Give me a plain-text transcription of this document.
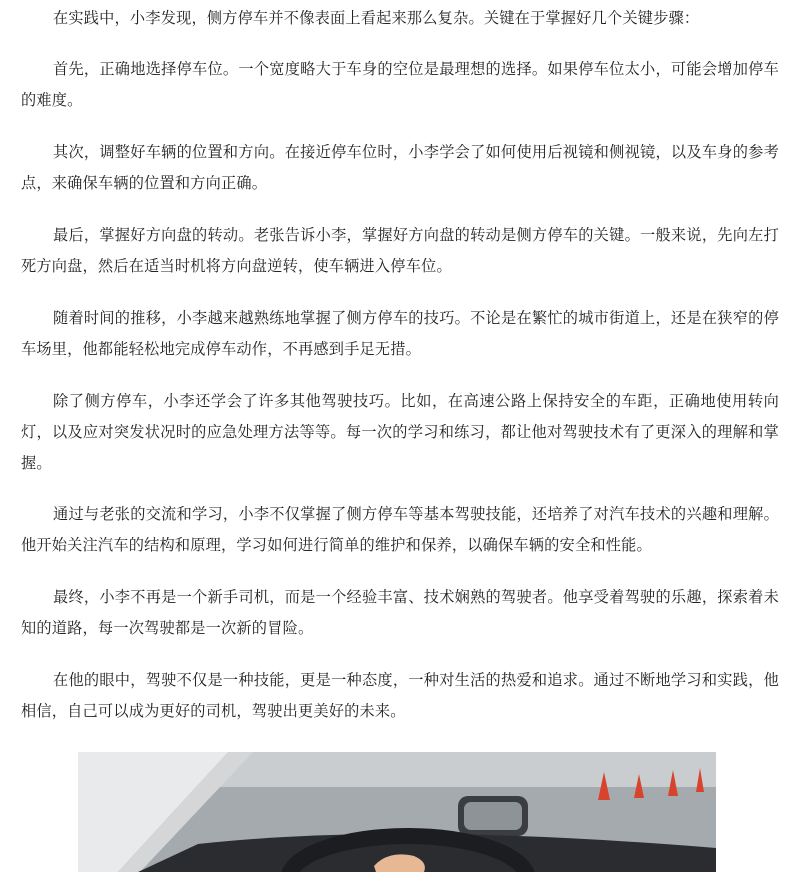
在实践中，小李发现，侧方停车并不像表面上看起来那么复杂。关键在于掌握好几个关键步骤：

首先，正确地选择停车位。一个宽度略大于车身的空位是最理想的选择。如果停车位太小，可能会增加停车的难度。

其次，调整好车辆的位置和方向。在接近停车位时，小李学会了如何使用后视镜和侧视镜，以及车身的参考点，来确保车辆的位置和方向正确。

最后，掌握好方向盘的转动。老张告诉小李，掌握好方向盘的转动是侧方停车的关键。一般来说，先向左打死方向盘，然后在适当时机将方向盘逆转，使车辆进入停车位。

随着时间的推移，小李越来越熟练地掌握了侧方停车的技巧。不论是在繁忙的城市街道上，还是在狭窄的停车场里，他都能轻松地完成停车动作，不再感到手足无措。

除了侧方停车，小李还学会了许多其他驾驶技巧。比如，在高速公路上保持安全的车距，正确地使用转向灯，以及应对突发状况时的应急处理方法等等。每一次的学习和练习，都让他对驾驶技术有了更深入的理解和掌握。

通过与老张的交流和学习，小李不仅掌握了侧方停车等基本驾驶技能，还培养了对汽车技术的兴趣和理解。他开始关注汽车的结构和原理，学习如何进行简单的维护和保养，以确保车辆的安全和性能。

最终，小李不再是一个新手司机，而是一个经验丰富、技术娴熟的驾驶者。他享受着驾驶的乐趣，探索着未知的道路，每一次驾驶都是一次新的冒险。

在他的眼中，驾驶不仅是一种技能，更是一种态度，一种对生活的热爱和追求。通过不断地学习和实践，他相信，自己可以成为更好的司机，驾驶出更美好的未来。
